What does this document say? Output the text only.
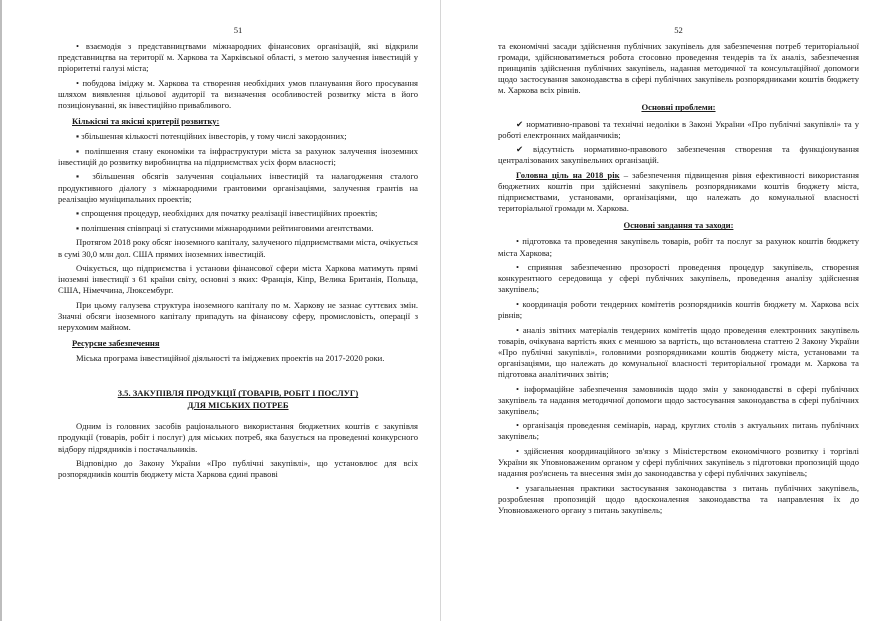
51

• взаємодія з представництвами міжнародних фінансових організацій, які відкрили представництва на території м. Харкова та Харківської області, з метою залучення інвестицій у пріоритетні галузі міста;

• побудова іміджу м. Харкова та створення необхідних умов планування його просування шляхом виявлення цільової аудиторії та визначення особливостей розвитку міста в його позиціонуванні, як інвестиційно привабливого.

Кількісні та якісні критерії розвитку:

▪ збільшення кількості потенційних інвесторів, у тому числі закордонних;

▪ поліпшення стану економіки та інфраструктури міста за рахунок залучення іноземних інвестицій до розвитку виробництва на підприємствах усіх форм власності;

▪ збільшення обсягів залучення соціальних інвестицій та налагодження сталого продуктивного діалогу з міжнародними грантовими організаціями, залучення грантів на реалізацію муніципальних проектів;

▪ спрощення процедур, необхідних для початку реалізації інвестиційних проектів;

▪ поліпшення співпраці зі статусними міжнародними рейтинговими агентствами.

Протягом 2018 року обсяг іноземного капіталу, залученого підприємствами міста, очікується в сумі 30,0 млн дол. США прямих іноземних інвестицій.

Очікується, що підприємства і установи фінансової сфери міста Харкова матимуть прямі іноземні інвестиції з 61 країни світу, основні з яких: Франція, Кіпр, Велика Британія, Польща, США, Німеччина, Люксембург.

При цьому галузева структура іноземного капіталу по м. Харкову не зазнає суттєвих змін. Значні обсяги іноземного капіталу припадуть на фінансову сферу, промисловість, операції з нерухомим майном.

Ресурсне забезпечення

Міська програма інвестиційної діяльності та іміджевих проектів на 2017-2020 роки.

3.5. ЗАКУПІВЛЯ ПРОДУКЦІЇ (ТОВАРІВ, РОБІТ І ПОСЛУГ)
ДЛЯ МІСЬКИХ ПОТРЕБ

Одним із головних засобів раціонального використання бюджетних коштів є закупівля продукції (товарів, робіт і послуг) для міських потреб, яка базується на проведенні конкурсного відбору підрядників і постачальників.

Відповідно до Закону України «Про публічні закупівлі», що установлює для всіх розпорядників коштів бюджету міста Харкова єдині правові

52

та економічні засади здійснення публічних закупівель для забезпечення потреб територіальної громади, здійснюватиметься робота стосовно проведення тендерів та їх аналіз, забезпечення принципів здійснення публічних закупівель, надання методичної та консультаційної допомоги щодо застосування законодавства в сфері публічних закупівель розпорядниками коштів бюджету м. Харкова всіх рівнів.

Основні проблеми:

✔ нормативно-правові та технічні недоліки в Законі України «Про публічні закупівлі» та у роботі електронних майданчиків;

✔ відсутність нормативно-правового забезпечення створення та функціонування централізованих закупівельних організацій.

Головна ціль на 2018 рік – забезпечення підвищення рівня ефективності використання бюджетних коштів при здійсненні закупівель розпорядниками коштів бюджету міста, підприємствами, установами, організаціями, що належать до комунальної власності територіальної громади м. Харкова.

Основні завдання та заходи:

• підготовка та проведення закупівель товарів, робіт та послуг за рахунок коштів бюджету міста Харкова;

• сприяння забезпеченню прозорості проведення процедур закупівель, створення конкурентного середовища у сфері публічних закупівель, проведення аналізу здійснення закупівель;

• координація роботи тендерних комітетів розпорядників коштів бюджету м. Харкова всіх рівнів;

• аналіз звітних матеріалів тендерних комітетів щодо проведення електронних закупівель товарів, очікувана вартість яких є меншою за вартість, що встановлена статтею 2 Закону України «Про публічні закупівлі», головними розпорядниками коштів бюджету міста, установами та організаціями, що належать до комунальної власності територіальної громади м. Харкова та підготовка аналітичних звітів;

• інформаційне забезпечення замовників щодо змін у законодавстві в сфері публічних закупівель та надання методичної допомоги щодо застосування законодавства в сфері публічних закупівель;

• організація проведення семінарів, нарад, круглих столів з актуальних питань публічних закупівель;

• здійснення координаційного зв'язку з Міністерством економічного розвитку і торгівлі України як Уповноваженим органом у сфері публічних закупівель з підготовки пропозицій щодо надання роз'яснень та внесення змін до законодавства у сфері публічних закупівель;

• узагальнення практики застосування законодавства з питань публічних закупівель, розроблення пропозицій щодо вдосконалення законодавства та направлення їх до Уповноваженого органу з питань закупівель;
